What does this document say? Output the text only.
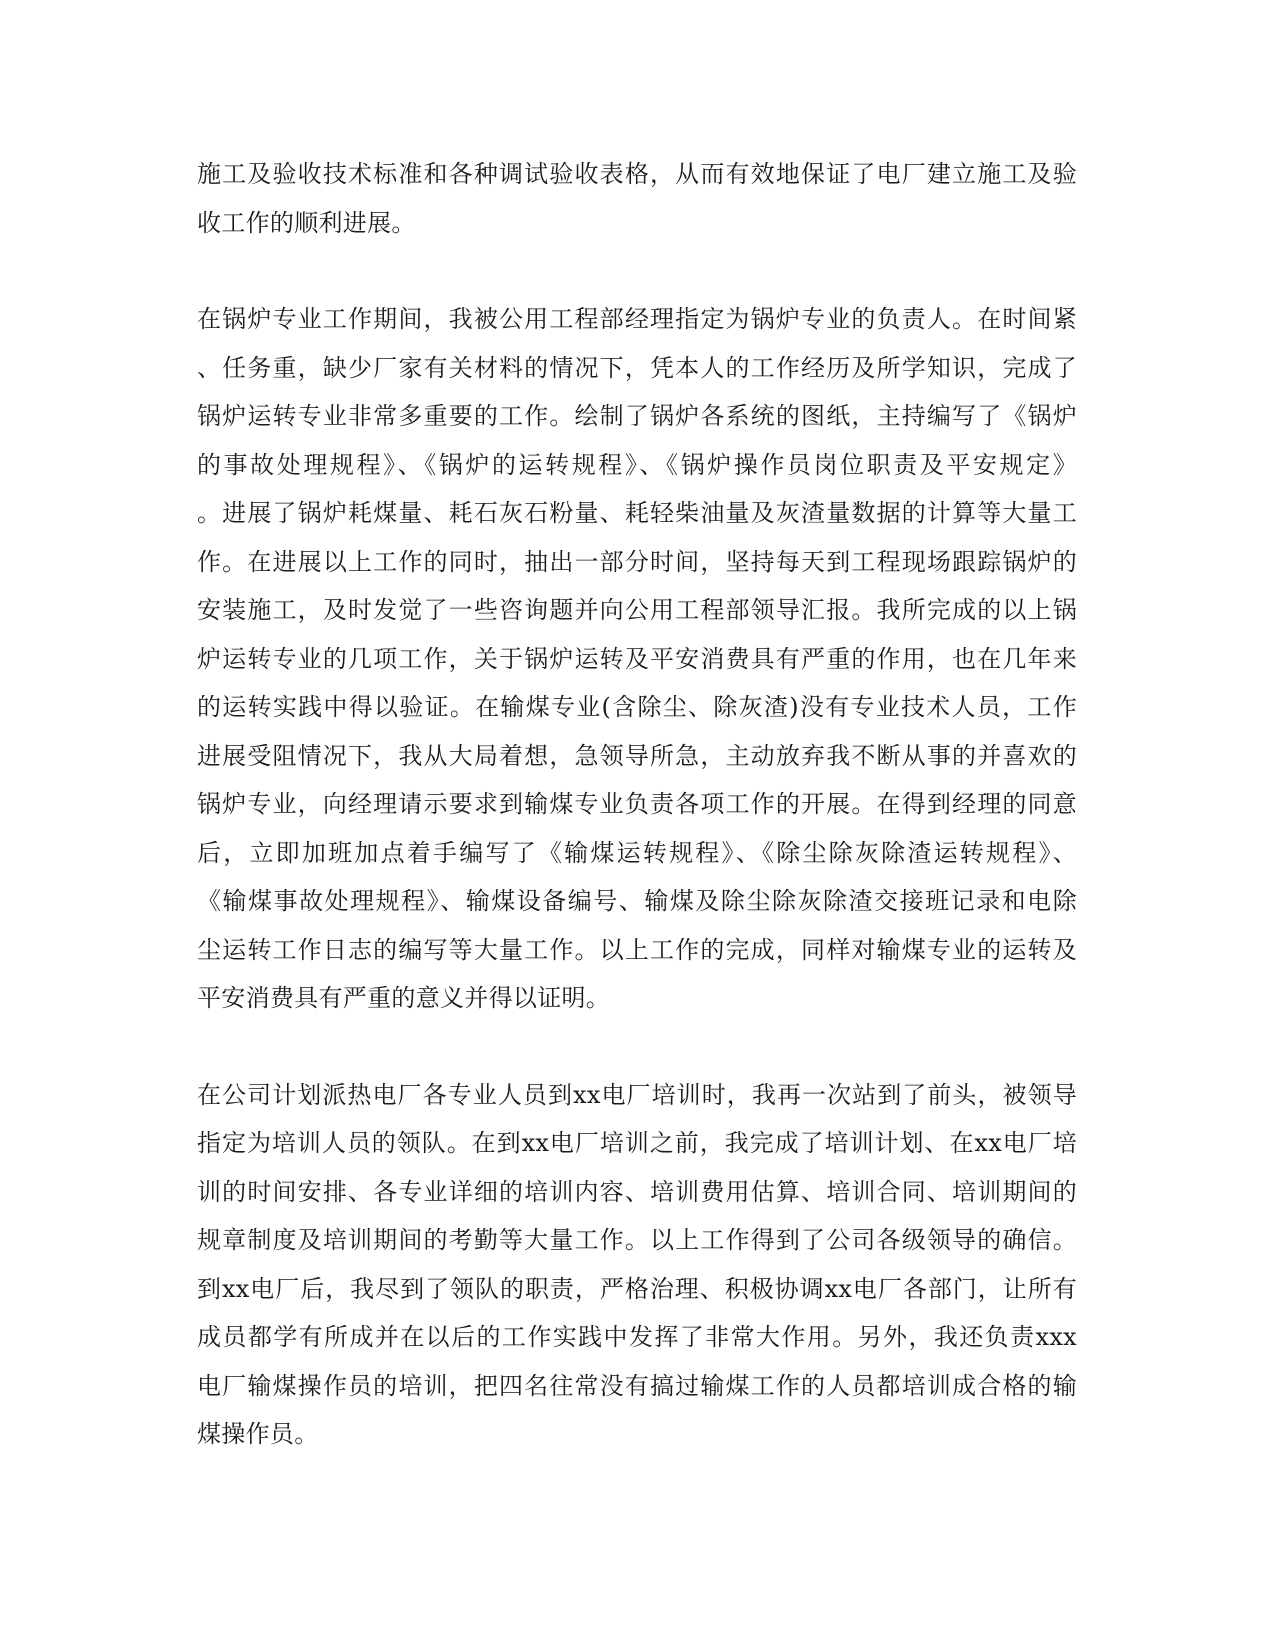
施工及验收技术标准和各种调试验收表格，从而有效地保证了电厂建立施工及验
收工作的顺利进展。

在锅炉专业工作期间，我被公用工程部经理指定为锅炉专业的负责人。在时间紧
、任务重，缺少厂家有关材料的情况下，凭本人的工作经历及所学知识，完成了
锅炉运转专业非常多重要的工作。绘制了锅炉各系统的图纸，主持编写了《锅炉
的事故处理规程》、《锅炉的运转规程》、《锅炉操作员岗位职责及平安规定》
。进展了锅炉耗煤量、耗石灰石粉量、耗轻柴油量及灰渣量数据的计算等大量工
作。在进展以上工作的同时，抽出一部分时间，坚持每天到工程现场跟踪锅炉的
安装施工，及时发觉了一些咨询题并向公用工程部领导汇报。我所完成的以上锅
炉运转专业的几项工作，关于锅炉运转及平安消费具有严重的作用，也在几年来
的运转实践中得以验证。在输煤专业(含除尘、除灰渣)没有专业技术人员，工作
进展受阻情况下，我从大局着想，急领导所急，主动放弃我不断从事的并喜欢的
锅炉专业，向经理请示要求到输煤专业负责各项工作的开展。在得到经理的同意
后，立即加班加点着手编写了《输煤运转规程》、《除尘除灰除渣运转规程》、
《输煤事故处理规程》、输煤设备编号、输煤及除尘除灰除渣交接班记录和电除
尘运转工作日志的编写等大量工作。以上工作的完成，同样对输煤专业的运转及
平安消费具有严重的意义并得以证明。

在公司计划派热电厂各专业人员到xx电厂培训时，我再一次站到了前头，被领导
指定为培训人员的领队。在到xx电厂培训之前，我完成了培训计划、在xx电厂培
训的时间安排、各专业详细的培训内容、培训费用估算、培训合同、培训期间的
规章制度及培训期间的考勤等大量工作。以上工作得到了公司各级领导的确信。
到xx电厂后，我尽到了领队的职责，严格治理、积极协调xx电厂各部门，让所有
成员都学有所成并在以后的工作实践中发挥了非常大作用。另外，我还负责xxx
电厂输煤操作员的培训，把四名往常没有搞过输煤工作的人员都培训成合格的输
煤操作员。
